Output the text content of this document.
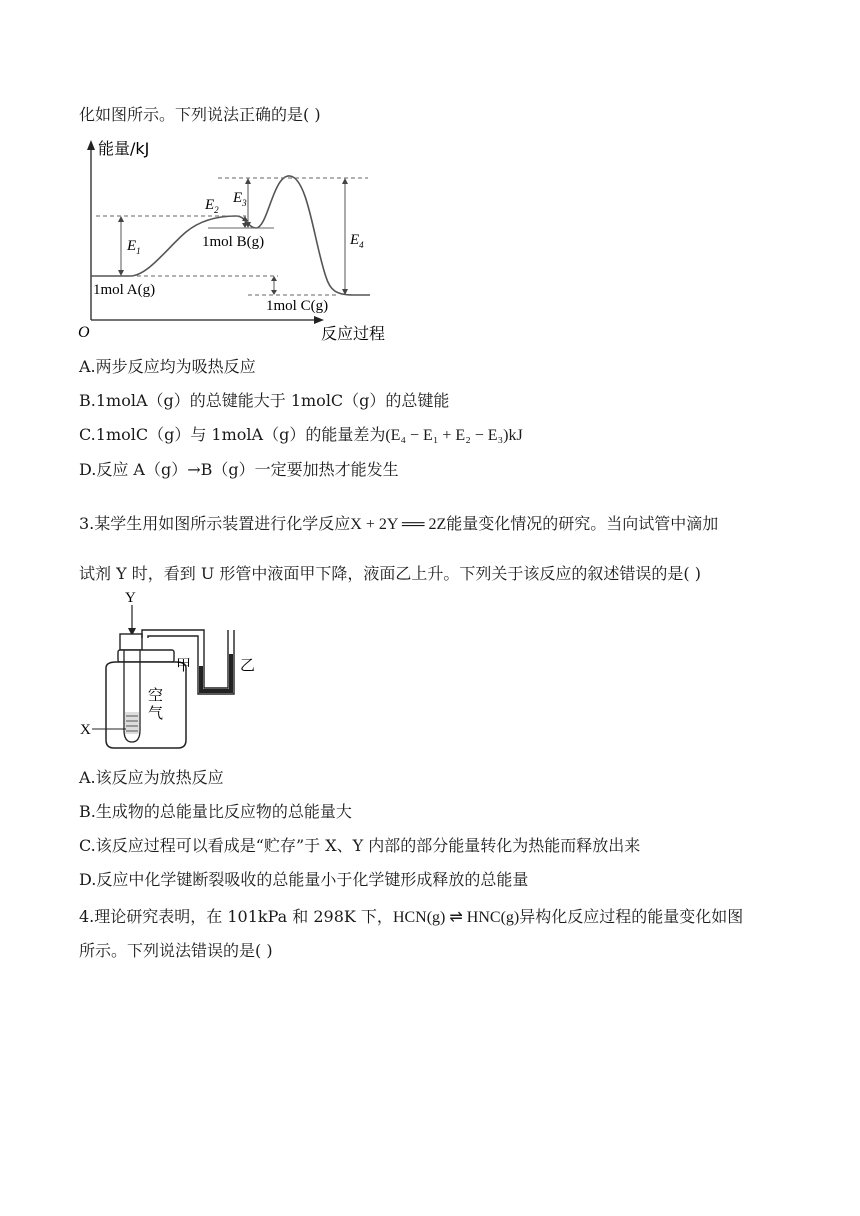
化如图所示。下列说法正确的是( )
能量/kJ
反应过程
O
1mol A(g)
1mol B(g)
1mol C(g)
$E_1$
$E_2$
$E_3$
$E_4$
A.两步反应均为吸热反应
B.1molA（g）的总键能大于 1molC（g）的总键能
C.1molC（g）与 1molA（g）的能量差为(E₄ − E₁ + E₂ − E₃)kJ
D.反应 A（g）→B（g）一定要加热才能发生
3.某学生用如图所示装置进行化学反应X + 2Y ══ 2Z能量变化情况的研究。当向试管中滴加
试剂 Y 时，看到 U 形管中液面甲下降，液面乙上升。下列关于该反应的叙述错误的是( )
Y
X
空
气
甲	乙
A.该反应为放热反应
B.生成物的总能量比反应物的总能量大
C.该反应过程可以看成是“贮存”于 X、Y 内部的部分能量转化为热能而释放出来
D.反应中化学键断裂吸收的总能量小于化学键形成释放的总能量
4.理论研究表明，在 101kPa 和 298K 下，HCN(g) ⇌ HNC(g)异构化反应过程的能量变化如图
所示。下列说法错误的是( )
